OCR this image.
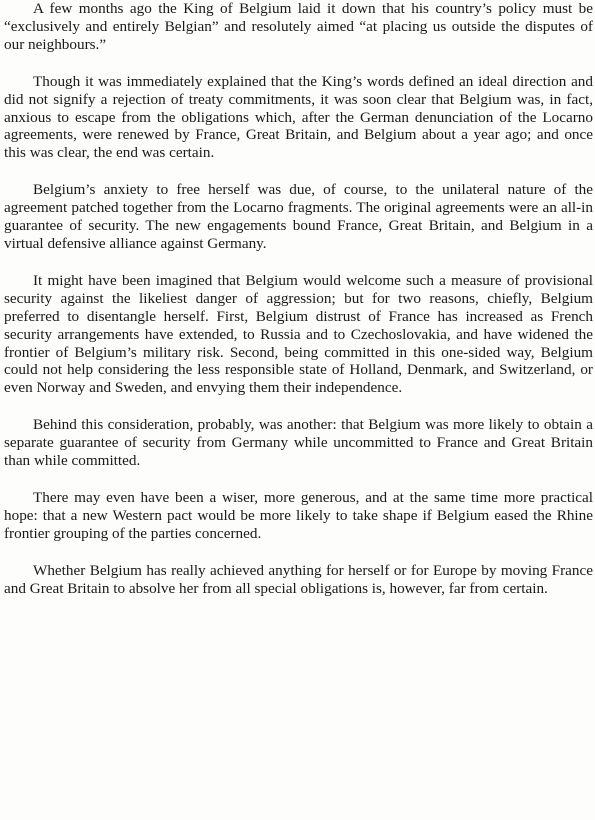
A few months ago the King of Belgium laid it down that his country’s policy must be “exclusively and entirely Belgian” and resolutely aimed “at placing us outside the disputes of our neighbours.”

Though it was immediately explained that the King’s words defined an ideal direction and did not signify a rejection of treaty commitments, it was soon clear that Belgium was, in fact, anxious to escape from the obligations which, after the German denunciation of the Locarno agreements, were renewed by France, Great Britain, and Belgium about a year ago; and once this was clear, the end was certain.

Belgium’s anxiety to free herself was due, of course, to the unilateral nature of the agreement patched together from the Locarno fragments. The original agreements were an all-in guarantee of security. The new engagements bound France, Great Britain, and Belgium in a virtual defensive alliance against Germany.

It might have been imagined that Belgium would welcome such a measure of provisional security against the likeliest danger of aggression; but for two reasons, chiefly, Belgium preferred to disentangle herself. First, Belgium distrust of France has increased as French security arrangements have extended, to Russia and to Czechoslovakia, and have widened the frontier of Belgium’s military risk. Second, being committed in this one-sided way, Belgium could not help considering the less responsible state of Holland, Denmark, and Switzerland, or even Norway and Sweden, and envying them their independence.

Behind this consideration, probably, was another: that Belgium was more likely to obtain a separate guarantee of security from Germany while uncommitted to France and Great Britain than while committed.

There may even have been a wiser, more generous, and at the same time more practical hope: that a new Western pact would be more likely to take shape if Belgium eased the Rhine frontier grouping of the parties concerned.

Whether Belgium has really achieved anything for herself or for Europe by moving France and Great Britain to absolve her from all special obligations is, however, far from certain.
